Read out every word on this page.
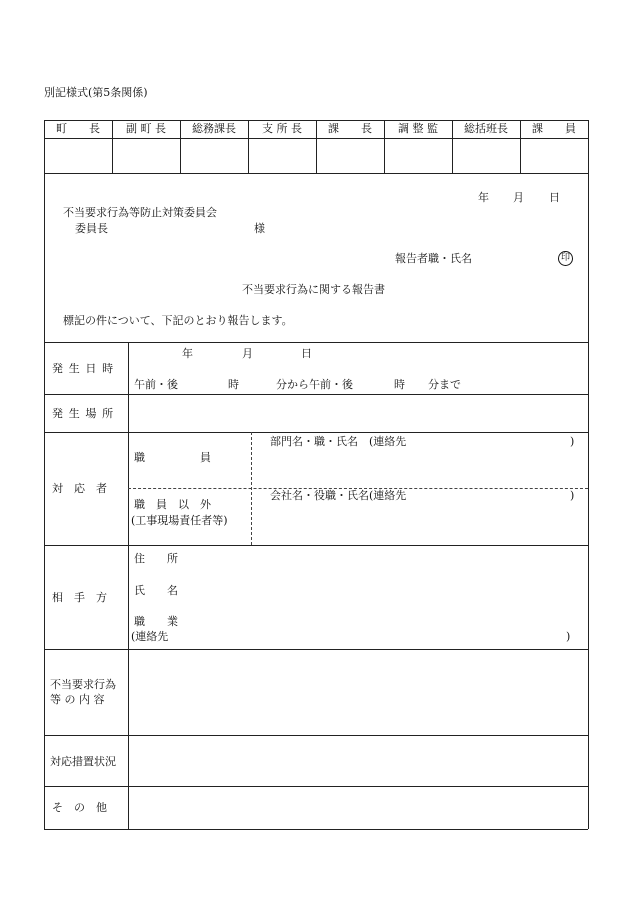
別記様式(第5条関係)
町　　長	副 町 長	総務課長	支 所 長	課　　長	調 整 監	総括班長	課　　員
年 月 日
不当要求行為等防止対策委員会
委員長	様
報告者職・氏名	印
不当要求行為に関する報告書
標記の件について、下記のとおり報告します。
発 生 日 時
年	月	日
午前・後	時	分から午前・後	時 分まで
発 生 場 所
対　応　者
職　　　　　員
部門名・職・氏名　(連絡先	)
職　員　以　外
(工事現場責任者等)
会社名・役職・氏名(連絡先	)
相　手　方
住　　所
氏　　名
職　　業
(連絡先	)
不当要求行為
等 の 内 容
対応措置状況
そ　の　他
